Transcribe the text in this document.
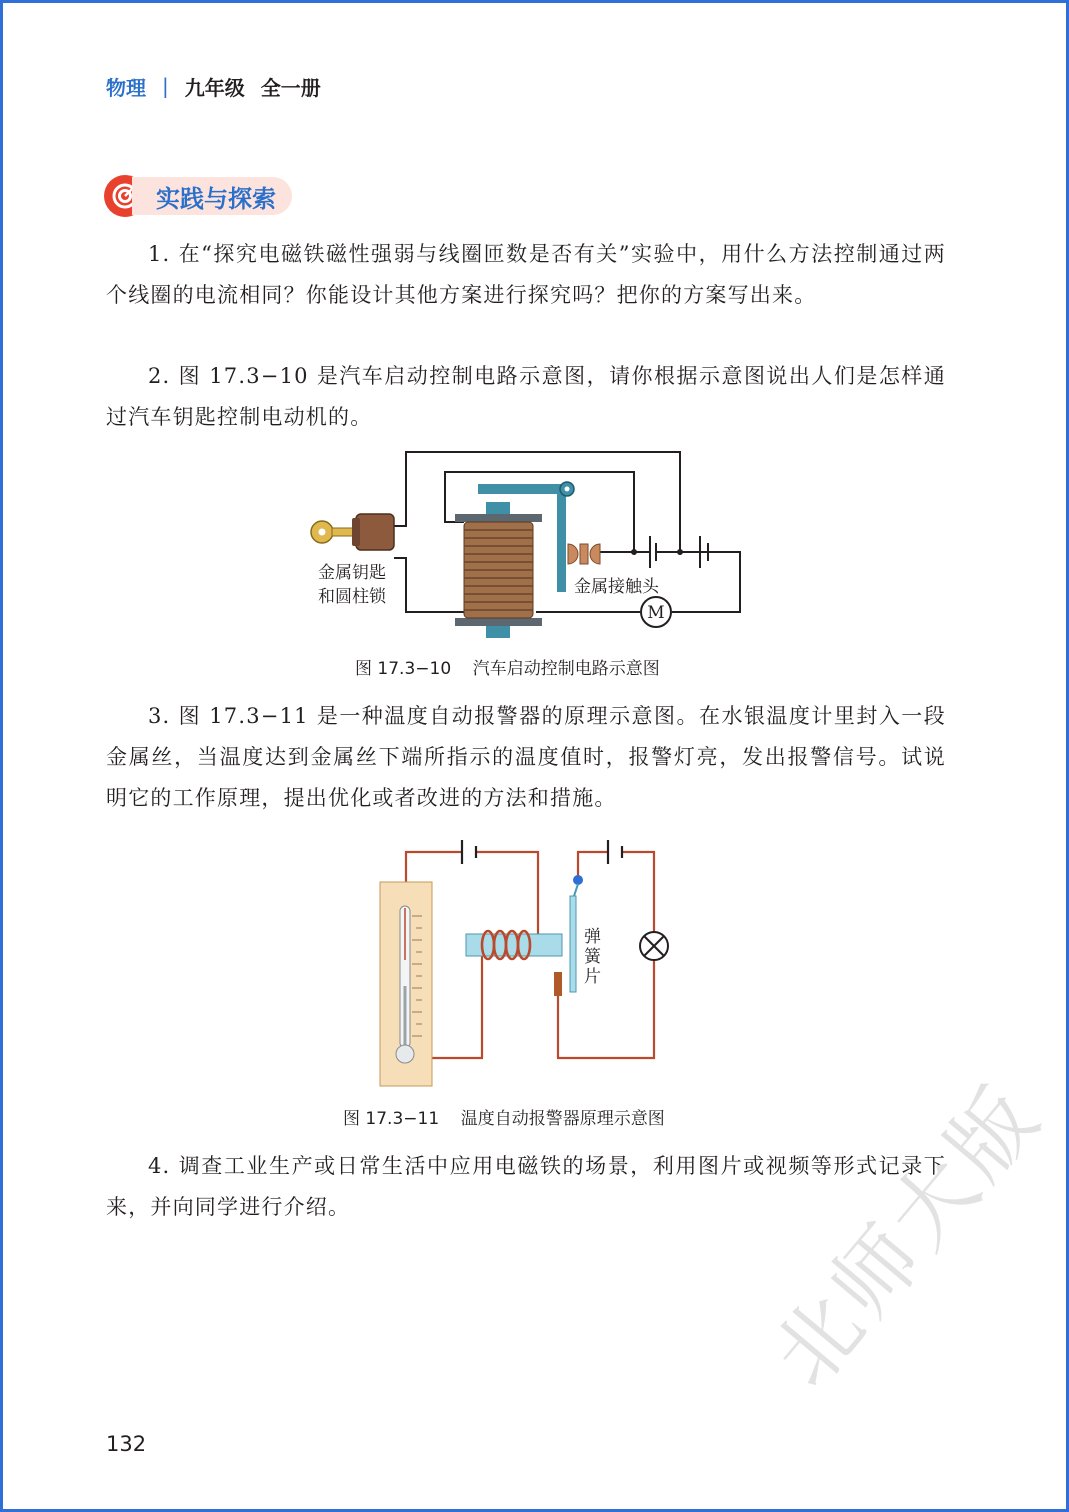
物理 | 九年级 全一册
实践与探索

1. 在“探究电磁铁磁性强弱与线圈匝数是否有关”实验中，用什么方法控制通过两个线圈的电流相同？你能设计其他方案进行探究吗？把你的方案写出来。

2. 图 17.3−10 是汽车启动控制电路示意图，请你根据示意图说出人们是怎样通过汽车钥匙控制电动机的。

M
金属钥匙
和圆柱锁	金属接触头
图 17.3−10    汽车启动控制电路示意图

3. 图 17.3−11 是一种温度自动报警器的原理示意图。在水银温度计里封入一段金属丝，当温度达到金属丝下端所指示的温度值时，报警灯亮，发出报警信号。试说明它的工作原理，提出优化或者改进的方法和措施。

弹
簧
片
图 17.3−11    温度自动报警器原理示意图

4. 调查工业生产或日常生活中应用电磁铁的场景，利用图片或视频等形式记录下来，并向同学进行介绍。

132
北师大版
